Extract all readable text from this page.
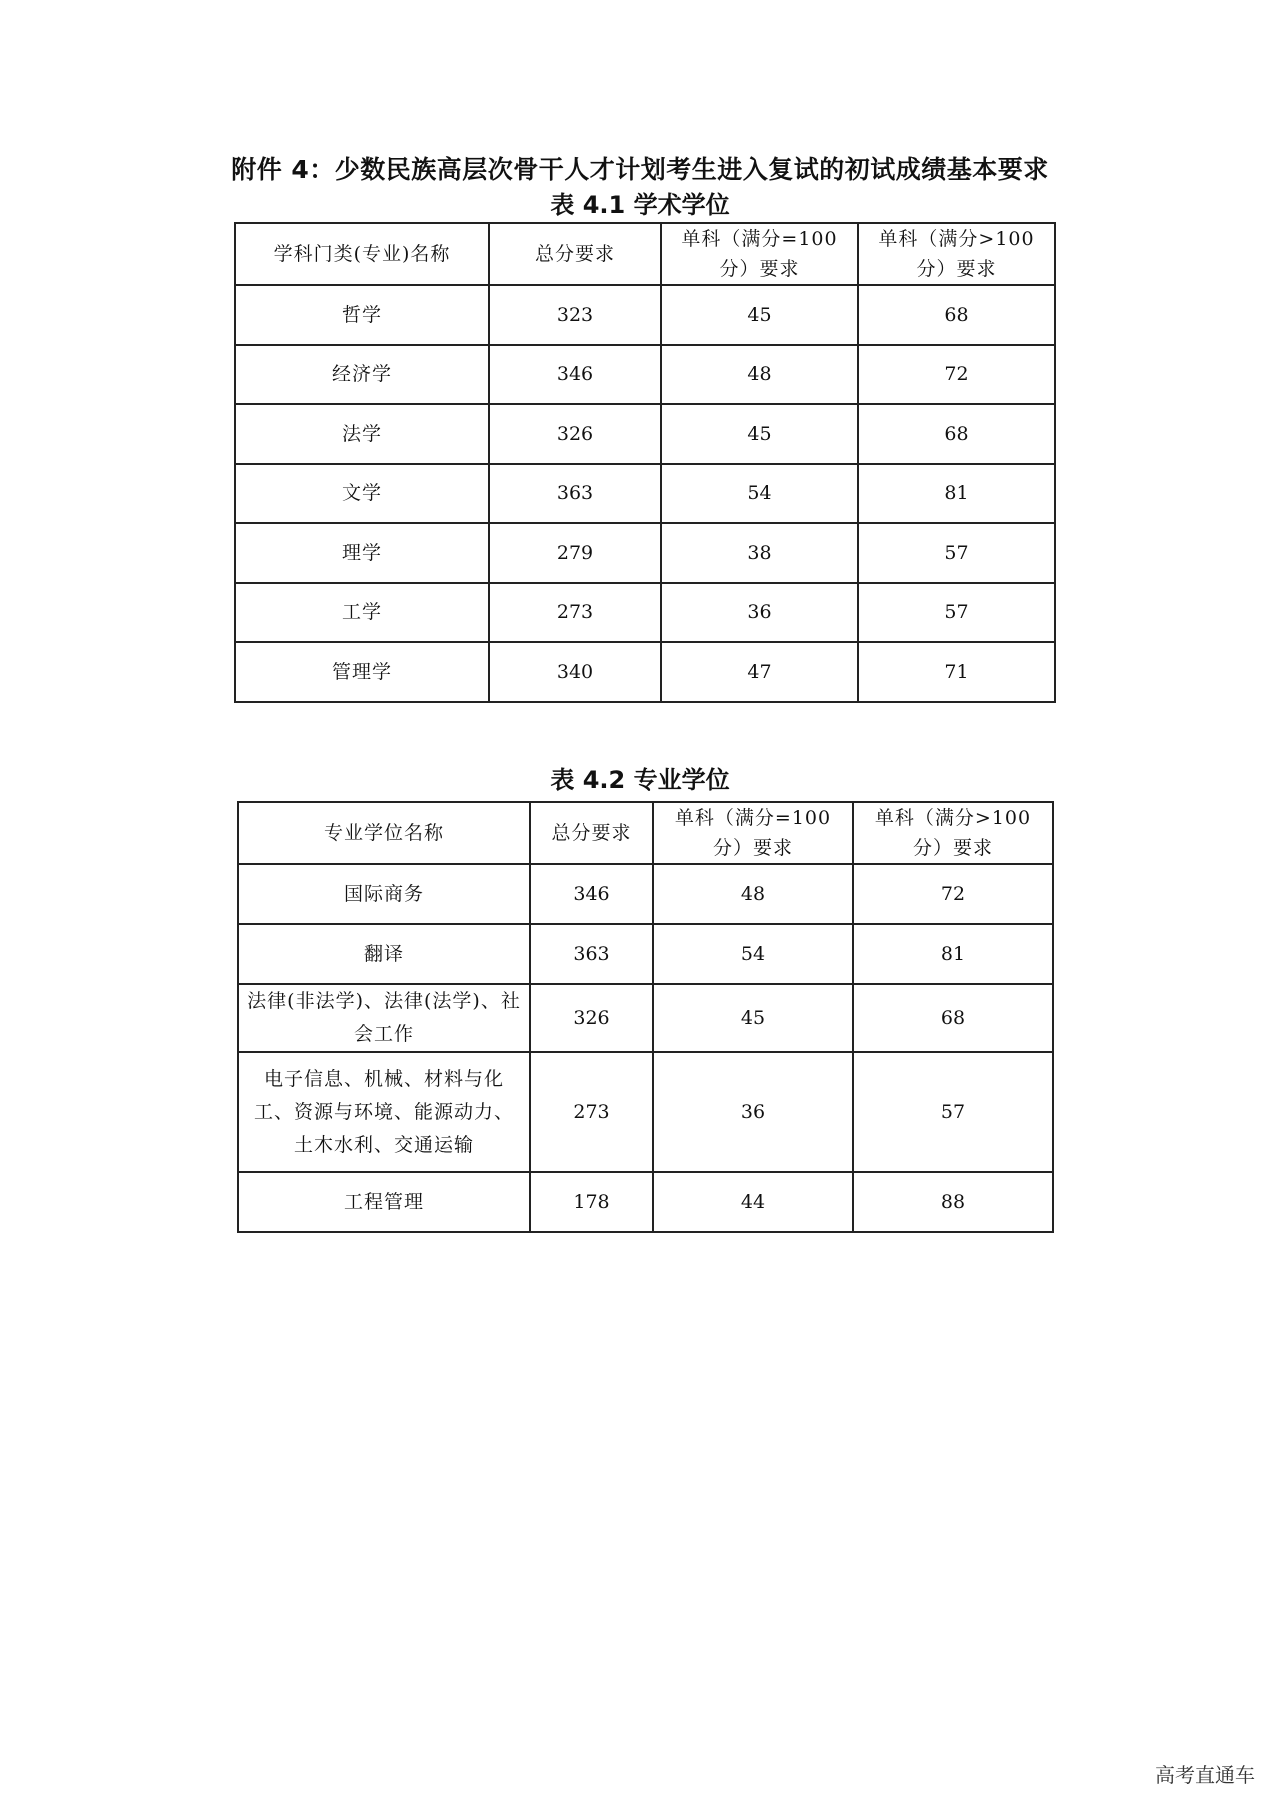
附件 4：少数民族高层次骨干人才计划考生进入复试的初试成绩基本要求
表 4.1 学术学位
学科门类(专业)名称	总分要求	单科（满分=100分）要求	单科（满分>100分）要求
哲学	323	45	68
经济学	346	48	72
法学	326	45	68
文学	363	54	81
理学	279	38	57
工学	273	36	57
管理学	340	47	71
表 4.2 专业学位
专业学位名称	总分要求	单科（满分=100分）要求	单科（满分>100分）要求
国际商务	346	48	72
翻译	363	54	81
法律(非法学)、法律(法学)、社会工作	326	45	68
电子信息、机械、材料与化工、资源与环境、能源动力、土木水利、交通运输	273	36	57
工程管理	178	44	88
高考直通车
